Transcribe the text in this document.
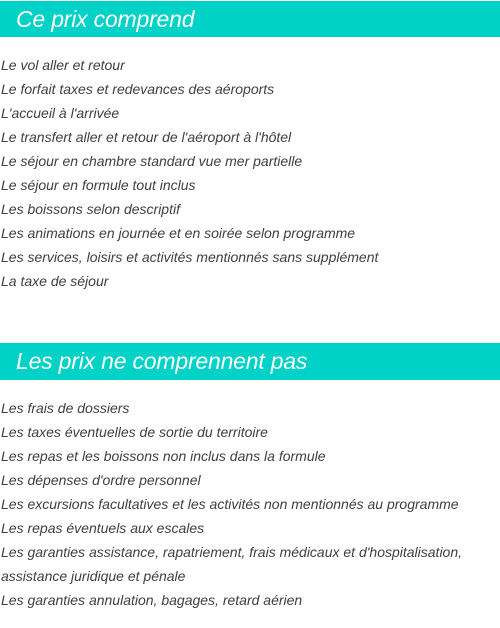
Ce prix comprend
Le vol aller et retour
Le forfait taxes et redevances des aéroports
L'accueil à l'arrivée
Le transfert aller et retour de l'aéroport à l'hôtel
Le séjour en chambre standard vue mer partielle
Le séjour en formule tout inclus
Les boissons selon descriptif
Les animations en journée et en soirée selon programme
Les services, loisirs et activités mentionnés sans supplément
La taxe de séjour
Les prix ne comprennent pas
Les frais de dossiers
Les taxes éventuelles de sortie du territoire
Les repas et les boissons non inclus dans la formule
Les dépenses d'ordre personnel
Les excursions facultatives et les activités non mentionnés au programme
Les repas éventuels aux escales
Les garanties assistance, rapatriement, frais médicaux et d'hospitalisation, assistance juridique et pénale
Les garanties annulation, bagages, retard aérien
